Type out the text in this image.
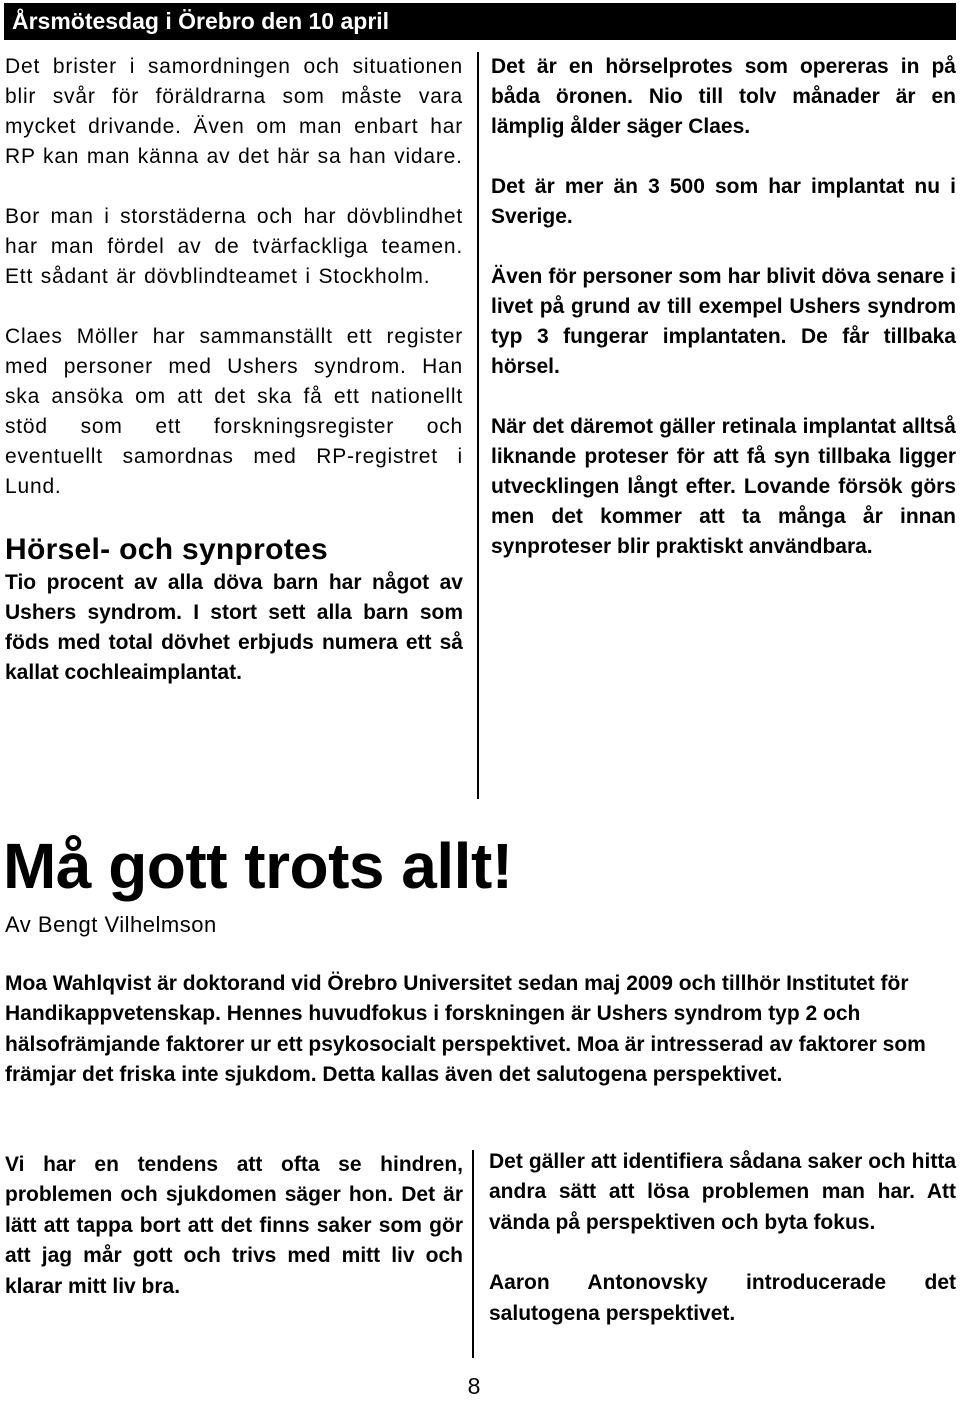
Årsmötesdag i Örebro den 10 april

Det brister i samordningen och situationen blir svår för föräldrarna som måste vara mycket drivande. Även om man enbart har RP kan man känna av det här sa han vidare.

Bor man i storstäderna och har dövblindhet har man fördel av de tvärfackliga teamen. Ett sådant är dövblindteamet i Stockholm.

Claes Möller har sammanställt ett register med personer med Ushers syndrom. Han ska ansöka om att det ska få ett nationellt stöd som ett forskningsregister och eventuellt samordnas med RP-registret i Lund.

Hörsel- och synprotes

Tio procent av alla döva barn har något av Ushers syndrom. I stort sett alla barn som föds med total dövhet erbjuds numera ett så kallat cochleaimplantat.

Det är en hörselprotes som opereras in på båda öronen. Nio till tolv månader är en lämplig ålder säger Claes.

Det är mer än 3 500 som har implantat nu i Sverige.

Även för personer som har blivit döva senare i livet på grund av till exempel Ushers syndrom typ 3 fungerar implantaten. De får tillbaka hörsel.

När det däremot gäller retinala implantat alltså liknande proteser för att få syn tillbaka ligger utvecklingen långt efter. Lovande försök görs men det kommer att ta många år innan synproteser blir praktiskt användbara.

Må gott trots allt!

Av Bengt Vilhelmson

Moa Wahlqvist är doktorand vid Örebro Universitet sedan maj 2009 och tillhör Institutet för Handikappvetenskap. Hennes huvudfokus i forskningen är Ushers syndrom typ 2 och hälsofrämjande faktorer ur ett psykosocialt perspektivet. Moa är intresserad av faktorer som främjar det friska inte sjukdom. Detta kallas även det salutogena perspektivet.

Vi har en tendens att ofta se hindren, problemen och sjukdomen säger hon. Det är lätt att tappa bort att det finns saker som gör att jag mår gott och trivs med mitt liv och klarar mitt liv bra.

Det gäller att identifiera sådana saker och hitta andra sätt att lösa problemen man har. Att vända på perspektiven och byta fokus.

Aaron Antonovsky introducerade det salutogena perspektivet.

8
